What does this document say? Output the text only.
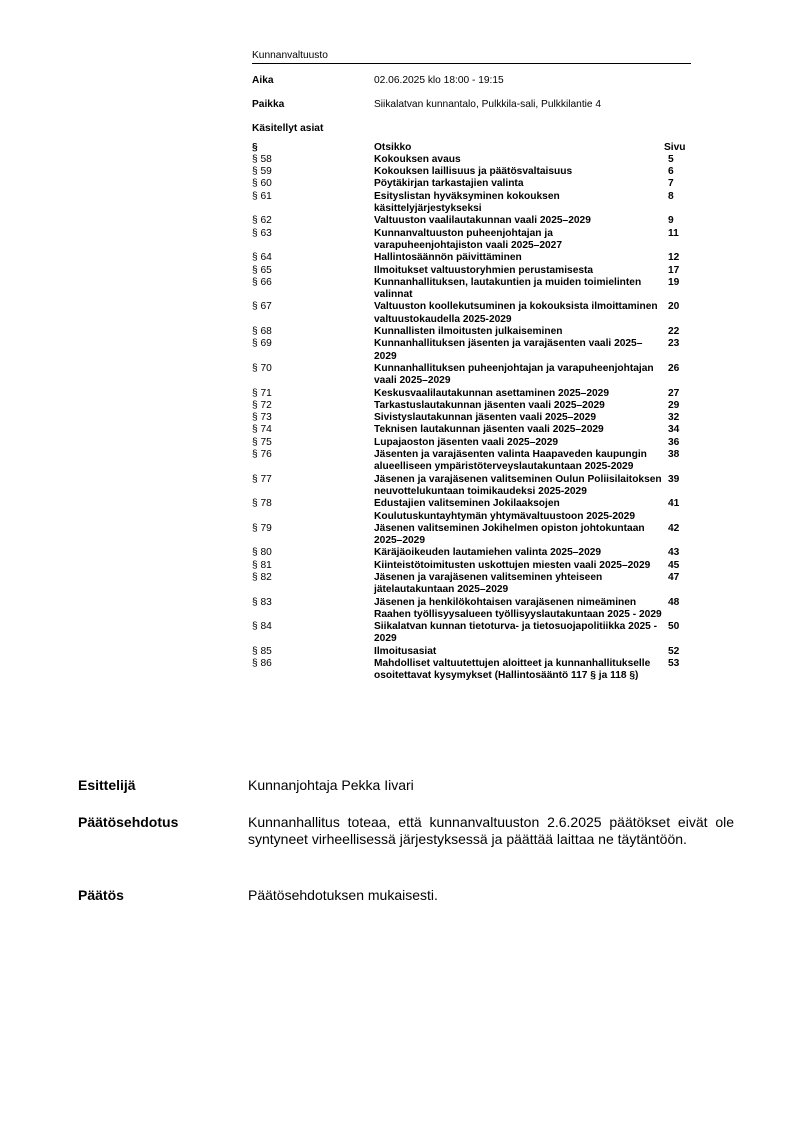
Kunnanvaltuusto
Aika	02.06.2025 klo 18:00 - 19:15
Paikka	Siikalatvan kunnantalo, Pulkkila-sali, Pulkkilantie 4
Käsitellyt asiat
§	Otsikko	Sivu
§ 58	Kokouksen avaus	5
§ 59	Kokouksen laillisuus ja päätösvaltaisuus	6
§ 60	Pöytäkirjan tarkastajien valinta	7
§ 61	Esityslistan hyväksyminen kokouksen käsittelyjärjestykseksi	8
§ 62	Valtuuston vaalilautakunnan vaali 2025–2029	9
§ 63	Kunnanvaltuuston puheenjohtajan ja varapuheenjohtajiston vaali 2025–2027	11
§ 64	Hallintosäännön päivittäminen	12
§ 65	Ilmoitukset valtuustoryhmien perustamisesta	17
§ 66	Kunnanhallituksen, lautakuntien ja muiden toimielinten valinnat	19
§ 67	Valtuuston koollekutsuminen ja kokouksista ilmoittaminen valtuustokaudella 2025-2029	20
§ 68	Kunnallisten ilmoitusten julkaiseminen	22
§ 69	Kunnanhallituksen jäsenten ja varajäsenten vaali 2025–2029	23
§ 70	Kunnanhallituksen puheenjohtajan ja varapuheenjohtajan vaali 2025–2029	26
§ 71	Keskusvaalilautakunnan asettaminen 2025–2029	27
§ 72	Tarkastuslautakunnan jäsenten vaali 2025–2029	29
§ 73	Sivistyslautakunnan jäsenten vaali 2025–2029	32
§ 74	Teknisen lautakunnan jäsenten vaali 2025–2029	34
§ 75	Lupajaoston jäsenten vaali 2025–2029	36
§ 76	Jäsenten ja varajäsenten valinta Haapaveden kaupungin alueelliseen ympäristöterveyslautakuntaan 2025-2029	38
§ 77	Jäsenen ja varajäsenen valitseminen Oulun Poliisilaitoksen neuvottelukuntaan toimikaudeksi 2025-2029	39
§ 78	Edustajien valitseminen Jokilaaksojen Koulutuskuntayhtymän yhtymävaltuustoon 2025-2029	41
§ 79	Jäsenen valitseminen Jokihelmen opiston johtokuntaan 2025–2029	42
§ 80	Käräjäoikeuden lautamiehen valinta 2025–2029	43
§ 81	Kiinteistötoimitusten uskottujen miesten vaali 2025–2029	45
§ 82	Jäsenen ja varajäsenen valitseminen yhteiseen jätelautakuntaan 2025–2029	47
§ 83	Jäsenen ja henkilökohtaisen varajäsenen nimeäminen Raahen työllisyysalueen työllisyyslautakuntaan 2025 - 2029	48
§ 84	Siikalatvan kunnan tietoturva- ja tietosuojapolitiikka 2025 - 2029	50
§ 85	Ilmoitusasiat	52
§ 86	Mahdolliset valtuutettujen aloitteet ja kunnanhallitukselle osoitettavat kysymykset (Hallintosääntö 117 § ja 118 §)	53
Esittelijä	Kunnanjohtaja Pekka Iivari
Päätösehdotus	Kunnanhallitus toteaa, että kunnanvaltuuston 2.6.2025 päätökset eivät ole syntyneet virheellisessä järjestyksessä ja päättää laittaa ne täytäntöön.
Päätös	Päätösehdotuksen mukaisesti.
